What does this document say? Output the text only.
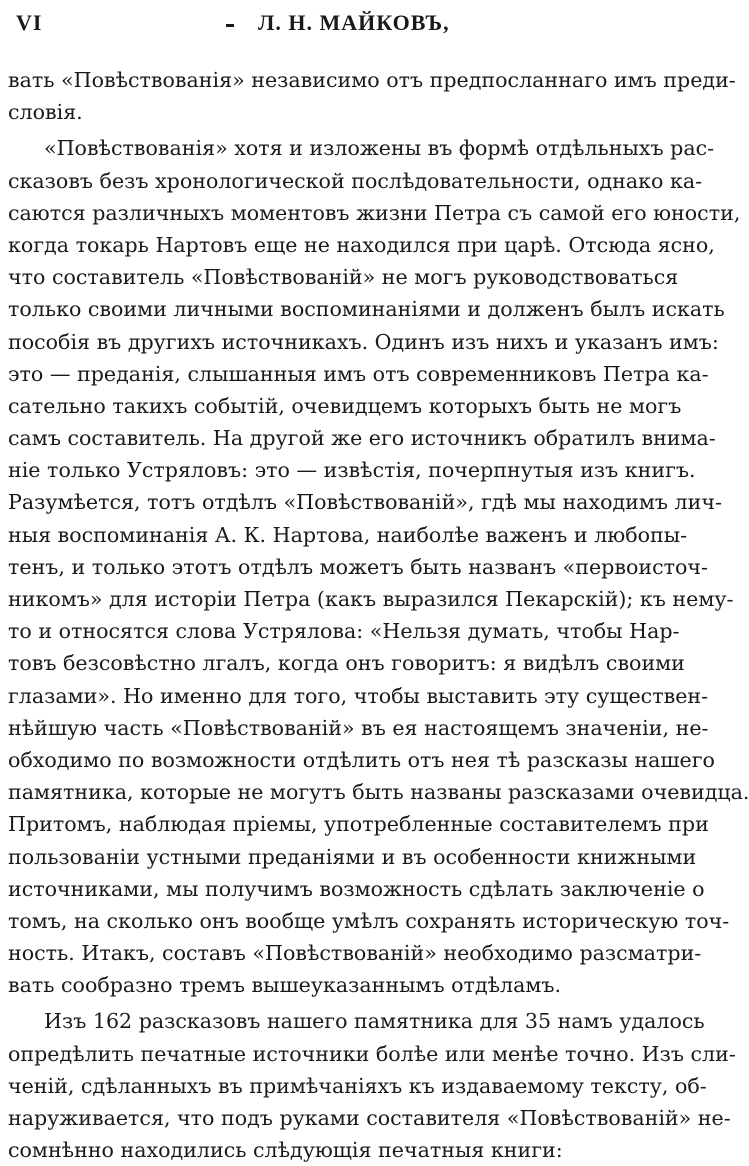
VI	Л. Н. МАЙКОВЪ,
вать «Повѣствованія» независимо отъ предпосланнаго имъ преди-
словія.
«Повѣствованія» хотя и изложены въ формѣ отдѣльныхъ рас-
сказовъ безъ хронологической послѣдовательности, однако ка-
саются различныхъ моментовъ жизни Петра съ самой его юности,
когда токарь Нартовъ еще не находился при царѣ. Отсюда ясно,
что составитель «Повѣствованій» не могъ руководствоваться
только своими личными воспоминаніями и долженъ былъ искать
пособія въ другихъ источникахъ. Одинъ изъ нихъ и указанъ имъ:
это — преданія, слышанныя имъ отъ современниковъ Петра ка-
сательно такихъ событій, очевидцемъ которыхъ быть не могъ
самъ составитель. На другой же его источникъ обратилъ внима-
ніе только Устряловъ: это — извѣстія, почерпнутыя изъ книгъ.
Разумѣется, тотъ отдѣлъ «Повѣствованій», гдѣ мы находимъ лич-
ныя воспоминанія А. К. Нартова, наиболѣе важенъ и любопы-
тенъ, и только этотъ отдѣлъ можетъ быть названъ «первоисточ-
никомъ» для исторіи Петра (какъ выразился Пекарскій); къ нему-
то и относятся слова Устрялова: «Нельзя думать, чтобы Нар-
товъ безсовѣстно лгалъ, когда онъ говоритъ: я видѣлъ своими
глазами». Но именно для того, чтобы выставить эту существен-
нѣйшую часть «Повѣствованій» въ ея настоящемъ значеніи, не-
обходимо по возможности отдѣлить отъ нея тѣ разсказы нашего
памятника, которые не могутъ быть названы разсказами очевидца.
Притомъ, наблюдая пріемы, употребленные составителемъ при
пользованіи устными преданіями и въ особенности книжными
источниками, мы получимъ возможность сдѣлать заключеніе о
томъ, на сколько онъ вообще умѣлъ сохранять историческую точ-
ность. Итакъ, составъ «Повѣствованій» необходимо разсматри-
вать сообразно тремъ вышеуказаннымъ отдѣламъ.
Изъ 162 разсказовъ нашего памятника для 35 намъ удалось
опредѣлить печатные источники болѣе или менѣе точно. Изъ сли-
ченій, сдѣланныхъ въ примѣчаніяхъ къ издаваемому тексту, об-
наруживается, что подъ руками составителя «Повѣствованій» не-
сомнѣнно находились слѣдующія печатныя книги:
